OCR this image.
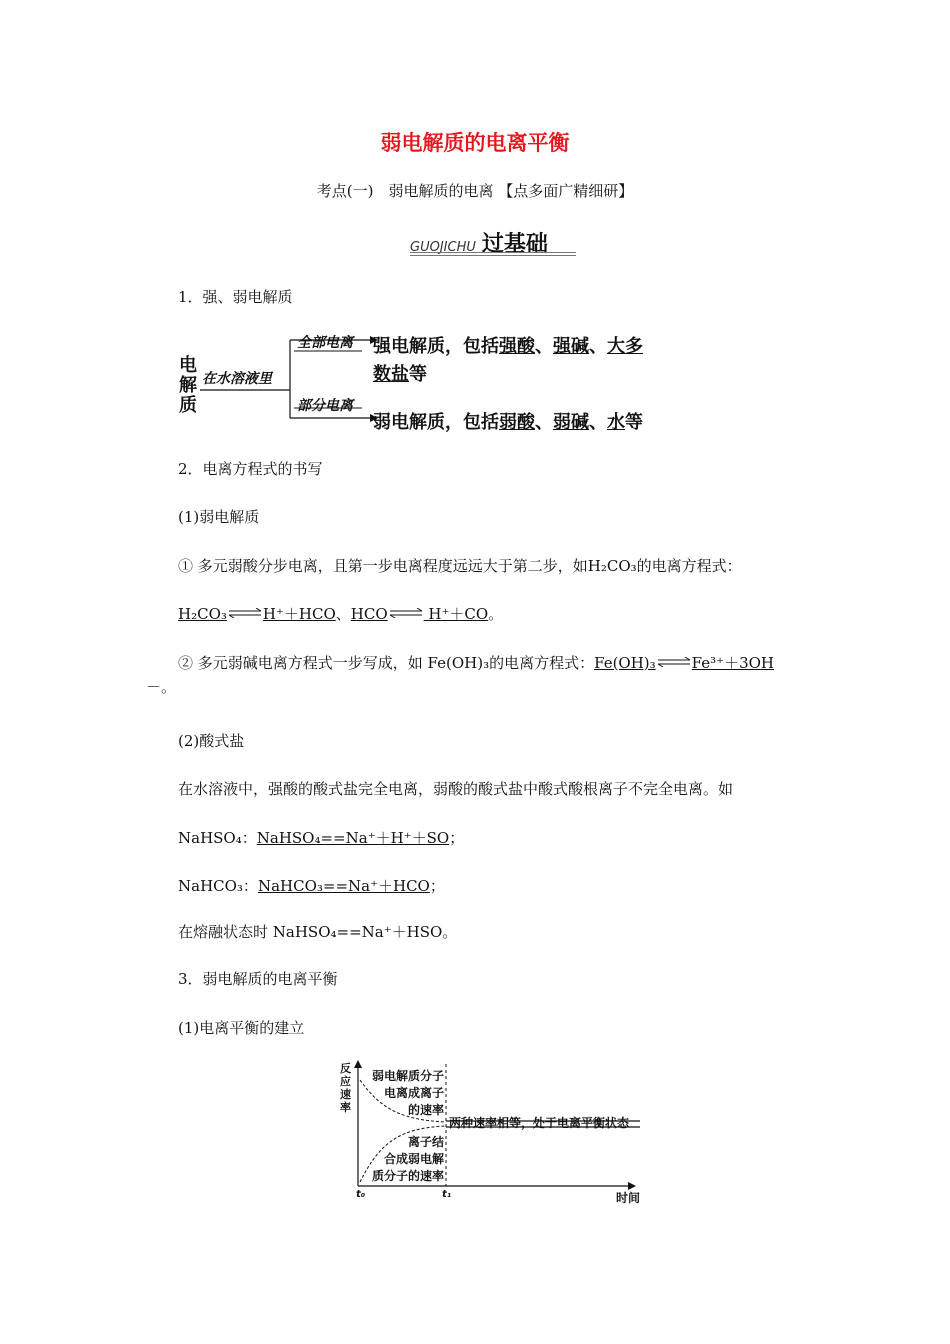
弱电解质的电离平衡
考点(一)　弱电解质的电离 【点多面广精细研】
GUOJICHU 过基础
1．强、弱电解质
电
解
质
在水溶液里
全部电离
部分电离
强电解质，包括强酸、强碱、大多
数盐等
弱电解质，包括弱酸、弱碱、水等
2．电离方程式的书写
(1)弱电解质
① 多元弱酸分步电离，且第一步电离程度远远大于第二步，如H₂CO₃的电离方程式：
H₂CO₃ H⁺＋HCO、HCO H⁺＋CO。
② 多元弱碱电离方程式一步写成，如 Fe(OH)₃的电离方程式：Fe(OH)₃ Fe³⁺＋3OH
－。
(2)酸式盐
在水溶液中，强酸的酸式盐完全电离，弱酸的酸式盐中酸式酸根离子不完全电离。如
NaHSO₄：NaHSO₄==Na⁺＋H⁺＋SO；
NaHCO₃：NaHCO₃==Na⁺＋HCO；
在熔融状态时 NaHSO₄==Na⁺＋HSO。
3．弱电解质的电离平衡
(1)电离平衡的建立
反应速率
弱电解质分子
电离成离子
的速率
离子结
合成弱电解
质分子的速率
两种速率相等，处于电离平衡状态
t₀	t₁	时间
